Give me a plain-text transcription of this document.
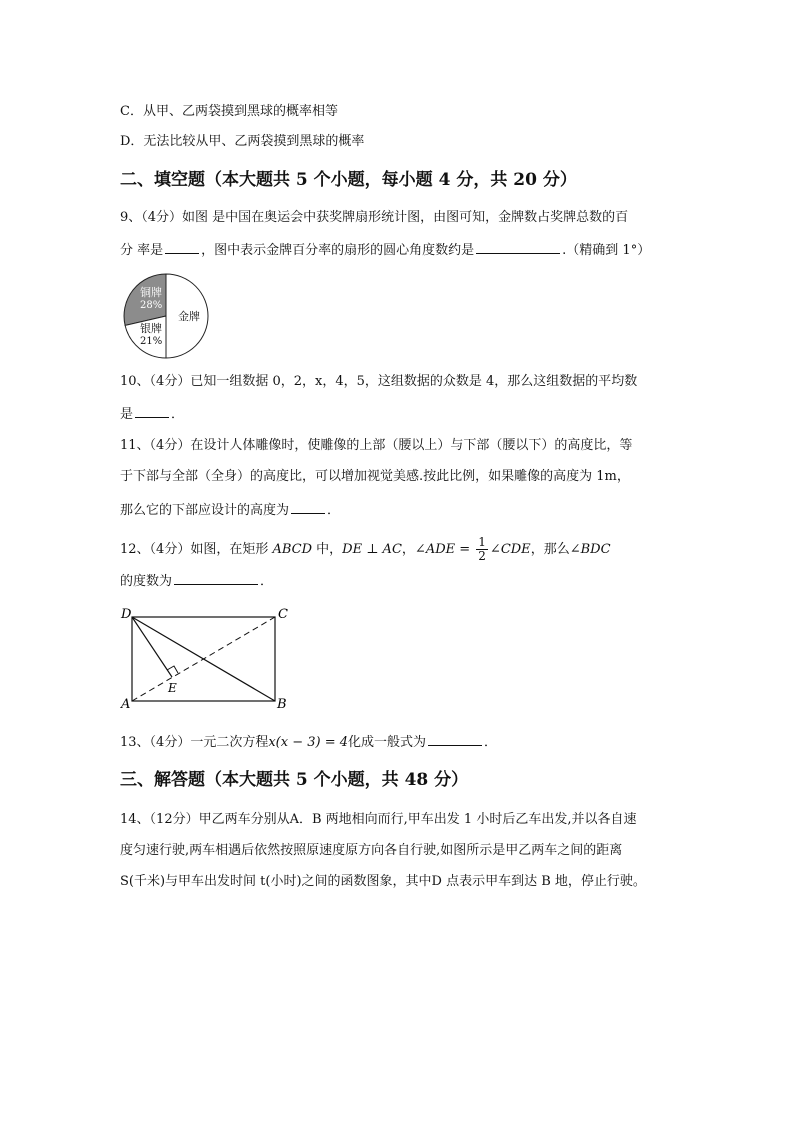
C．从甲、乙两袋摸到黑球的概率相等
D．无法比较从甲、乙两袋摸到黑球的概率
二、填空题（本大题共 5 个小题，每小题 4 分，共 20 分）
9、（4分）如图 是中国在奥运会中获奖牌扇形统计图，由图可知，金牌数占奖牌总数的百
分 率是	，图中表示金牌百分率的扇形的圆心角度数约是	.（精确到 1°）
铜牌
28%
银牌
21%
金牌
10、（4分）已知一组数据 0，2，x，4，5，这组数据的众数是 4，那么这组数据的平均数
是	．
11、（4分）在设计人体雕像时，使雕像的上部（腰以上）与下部（腰以下）的高度比，等
于下部与全部（全身）的高度比，可以增加视觉美感.按此比例，如果雕像的高度为 1m，
那么它的下部应设计的高度为	．
12、（4分）如图，在矩形 ABCD 中，DE ⊥ AC，∠ADE = $\frac{1}{2}$ ∠CDE，那么∠BDC
的度数为	．
D	C
A	B
E
13、（4分）一元二次方程x(x − 3) = 4化成一般式为	．
三、解答题（本大题共 5 个小题，共 48 分）
14、（12分）甲乙两车分别从A．B 两地相向而行,甲车出发 1 小时后乙车出发,并以各自速
度匀速行驶,两车相遇后依然按照原速度原方向各自行驶,如图所示是甲乙两车之间的距离
S(千米)与甲车出发时间 t(小时)之间的函数图象，其中D 点表示甲车到达 B 地，停止行驶。
